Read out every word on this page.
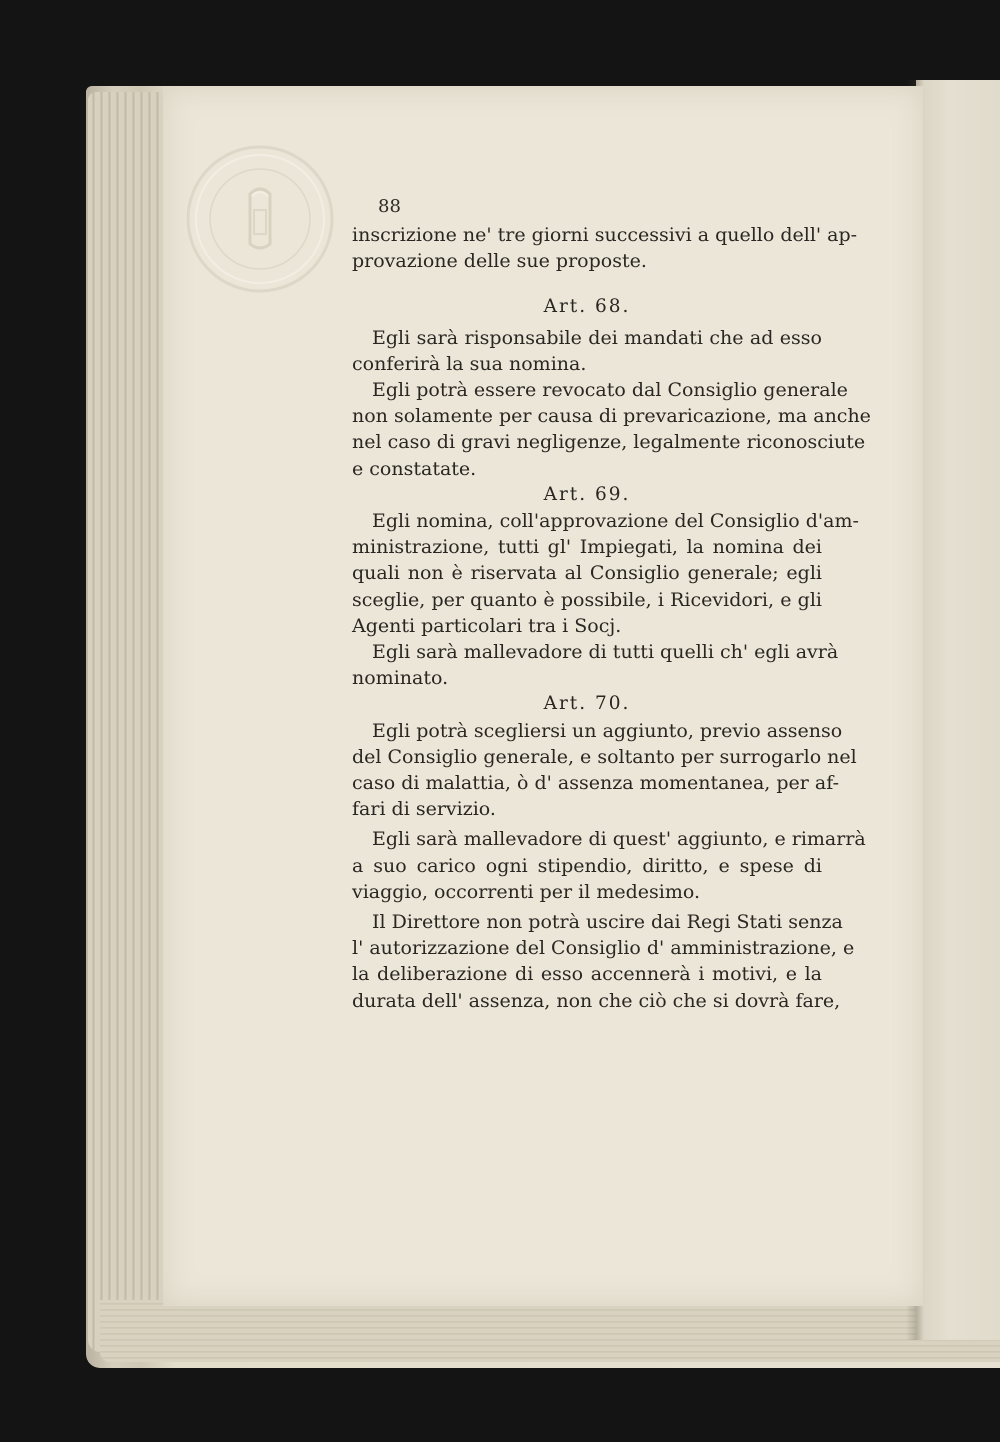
88
inscrizione ne' tre giorni successivi a quello dell' ap-
provazione delle sue proposte.
Art. 68.
Egli sarà risponsabile dei mandati che ad esso
conferirà la sua nomina.
Egli potrà essere revocato dal Consiglio generale
non solamente per causa di prevaricazione, ma anche
nel caso di gravi negligenze, legalmente riconosciute
e constatate.
Art. 69.
Egli nomina, coll'approvazione del Consiglio d'am-
ministrazione, tutti gl' Impiegati, la nomina dei
quali non è riservata al Consiglio generale; egli
sceglie, per quanto è possibile, i Ricevidori, e gli
Agenti particolari tra i Socj.
Egli sarà mallevadore di tutti quelli ch' egli avrà
nominato.
Art. 70.
Egli potrà scegliersi un aggiunto, previo assenso
del Consiglio generale, e soltanto per surrogarlo nel
caso di malattia, ò d' assenza momentanea, per af-
fari di servizio.
Egli sarà mallevadore di quest' aggiunto, e rimarrà
a suo carico ogni stipendio, diritto, e spese di
viaggio, occorrenti per il medesimo.
Il Direttore non potrà uscire dai Regi Stati senza
l' autorizzazione del Consiglio d' amministrazione, e
la deliberazione di esso accennerà i motivi, e la
durata dell' assenza, non che ciò che si dovrà fare,
